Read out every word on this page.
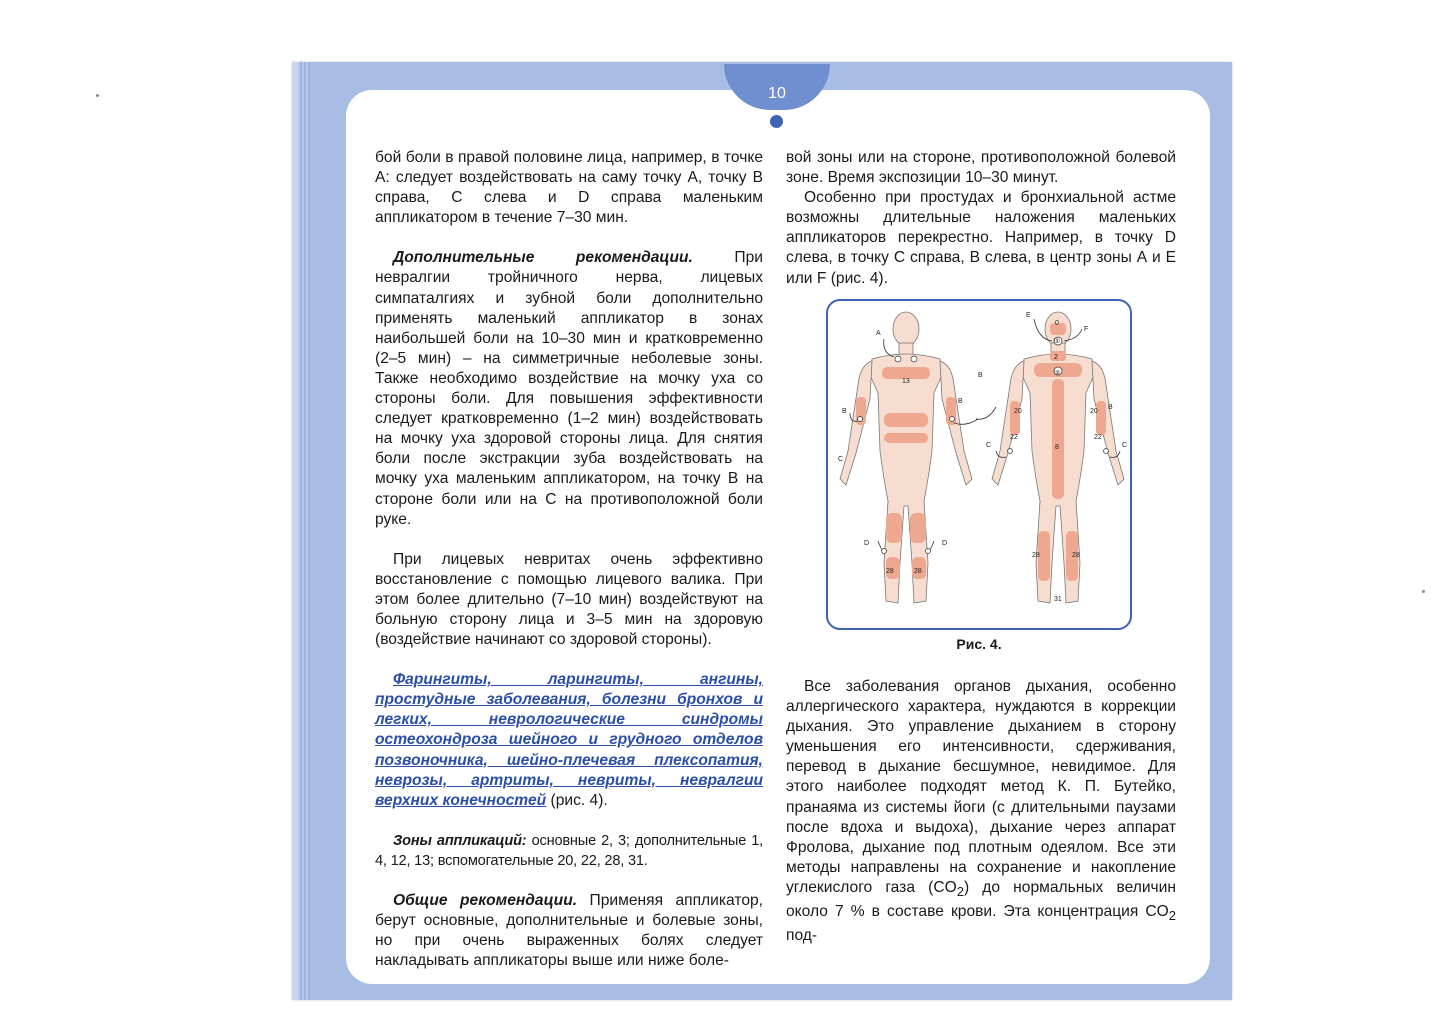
10

бой боли в правой половине лица, например, в точке А: следует воздействовать на саму точку А, точку В справа, С слева и D справа маленьким аппликатором в течение 7–30 мин.

Дополнительные рекомендации. При невралгии тройничного нерва, лицевых симпаталгиях и зубной боли дополнительно применять маленький аппликатор в зонах наибольшей боли на 10–30 мин и кратковременно (2–5 мин) – на симметричные неболевые зоны. Также необходимо воздействие на мочку уха со стороны боли. Для повышения эффективности следует кратковременно (1–2 мин) воздействовать на мочку уха здоровой стороны лица. Для снятия боли после экстракции зуба воздействовать на мочку уха маленьким аппликатором, на точку В на стороне боли или на С на противоположной боли руке.

При лицевых невритах очень эффективно восстановление с помощью лицевого валика. При этом более длительно (7–10 мин) воздействуют на больную сторону лица и 3–5 мин на здоровую (воздействие начинают со здоровой стороны).

Фарингиты, ларингиты, ангины, простудные заболевания, болезни бронхов и легких, неврологические синдромы остеохондроза шейного и грудного отделов позвоночника, шейно-плечевая плексопатия, неврозы, артриты, невриты, невралгии верхних конечностей (рис. 4).

Зоны аппликаций: основные 2, 3; дополнительные 1, 4, 12, 13; вспомогательные 20, 22, 28, 31.

Общие рекомендации. Применяя аппликатор, берут основные, дополнительные и болевые зоны, но при очень выраженных болях следует накладывать аппликаторы выше или ниже боле-

вой зоны или на стороне, противоположной болевой зоне. Время экспозиции 10–30 минут.

Особенно при простудах и бронхиальной астме возможны длительные наложения маленьких аппликаторов перекрестно. Например, в точку D слева, в точку С справа, В слева, в центр зоны А и Е или F (рис. 4).

Все заболевания органов дыхания, особенно аллергического характера, нуждаются в коррекции дыхания. Это управление дыханием в сторону уменьшения его интенсивности, сдерживания, перевод в дыхание бесшумное, невидимое. Для этого наиболее подходят метод К. П. Бутейко, пранаяма из системы йоги (с длительными паузами после вдоха и выдоха), дыхание через аппарат Фролова, дыхание под плотным одеялом. Все эти методы направлены на сохранение и накопление углекислого газа $(CO_2)$ до нормальных величин около 7 % в составе крови. Эта концентрация $CO_2$ под-

A
13
B
B
C
D	D
28	28
E
F
0
①
2
③
B
B
C	C
20	20
22	22
8
28	28
31
Рис. 4.
